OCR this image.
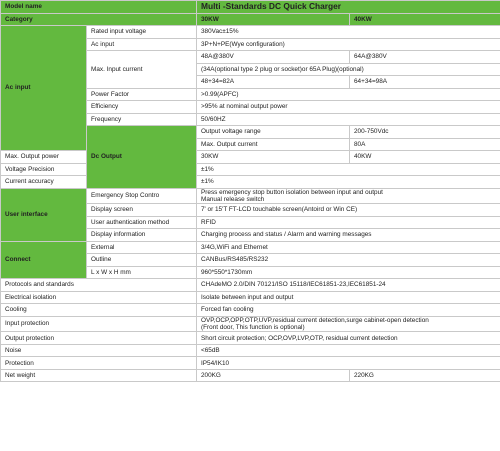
Model name		Multi -Standards DC Quick Charger		
Category		30KW	40KW	
Ac input	Rated input voltage	380Vac±15%		
	Ac input	3P+N+PE(Wye configuration)		
	Max. Input current	48A@380V	64A@380V	
		(34A(optional type 2 plug or socket)or 65A Plug)(optional)		
		48+34=82A	64+34=98A	
	Power Factor	>0.99(APFC)		
	Efficiency	>95% at nominal output power		
	Frequency	50/60HZ		
	Dc Output	Output voltage range	200-750Vdc	
		Max. Output current	80A	
Max. Output power		30KW	40KW	
Voltage Precision		±1%		
Current accuracy		±1%		
User interface	Emergency Stop Contro	Press emergency stop button isolation between input and output
Manual release switch		

	Display screen	7' or 15'T FT-LCD touchable screen(Antoird or Win CE)		
	User authentication method	RFID		
	Display information	Charging process and status / Alarm and warning messages		
Connect	External	3/4G,WiFi and Ethernet		
	Outline	CANBus/RS485/RS232		
	L x W x H mm	960*550*1730mm		
Protocols and standards		CHAdeMO 2.0/DIN 70121/ISO 15118/IEC61851-23,IEC61851-24		
Electrical isolation		Isolate between input and output		
Cooling		Forced fan cooling		
Input protection		OVP,OCP,OPP,OTP,UVP,residual current detection,surge cabinet-open detection
(Front door, This function is optional)		

Output protection		Short circuit protection; OCP,OVP,LVP,OTP, residual current detection		
Noise		<65dB		
Protection		IP54/IK10		
Net weight		200KG	220KG	
